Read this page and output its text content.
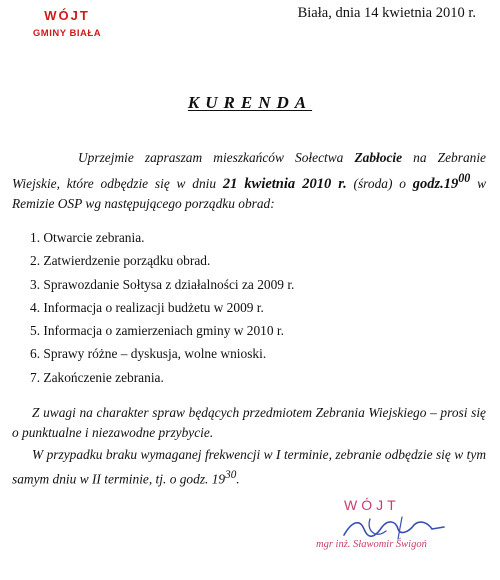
WÓJT
GMINY BIAŁA
Biała, dnia 14 kwietnia 2010 r.
KURENDA
Uprzejmie zapraszam mieszkańców Sołectwa Zabłocie na Zebranie Wiejskie, które odbędzie się w dniu 21 kwietnia 2010 r. (środa) o $godz.19^{00}$ w Remizie OSP wg następującego porządku obrad:
1. Otwarcie zebrania.
2. Zatwierdzenie porządku obrad.
3. Sprawozdanie Sołtysa z działalności za 2009 r.
4. Informacja o realizacji budżetu w 2009 r.
5. Informacja o zamierzeniach gminy w 2010 r.
6. Sprawy różne – dyskusja, wolne wnioski.
7. Zakończenie zebrania.
Z uwagi na charakter spraw będących przedmiotem Zebrania Wiejskiego – prosi się o punktualne i niezawodne przybycie.
W przypadku braku wymaganej frekwencji w I terminie, zebranie odbędzie się w tym samym dniu w II terminie, tj. o godz. $19^{30}$.
WÓJT
mgr inż. Sławomir Świgoń
